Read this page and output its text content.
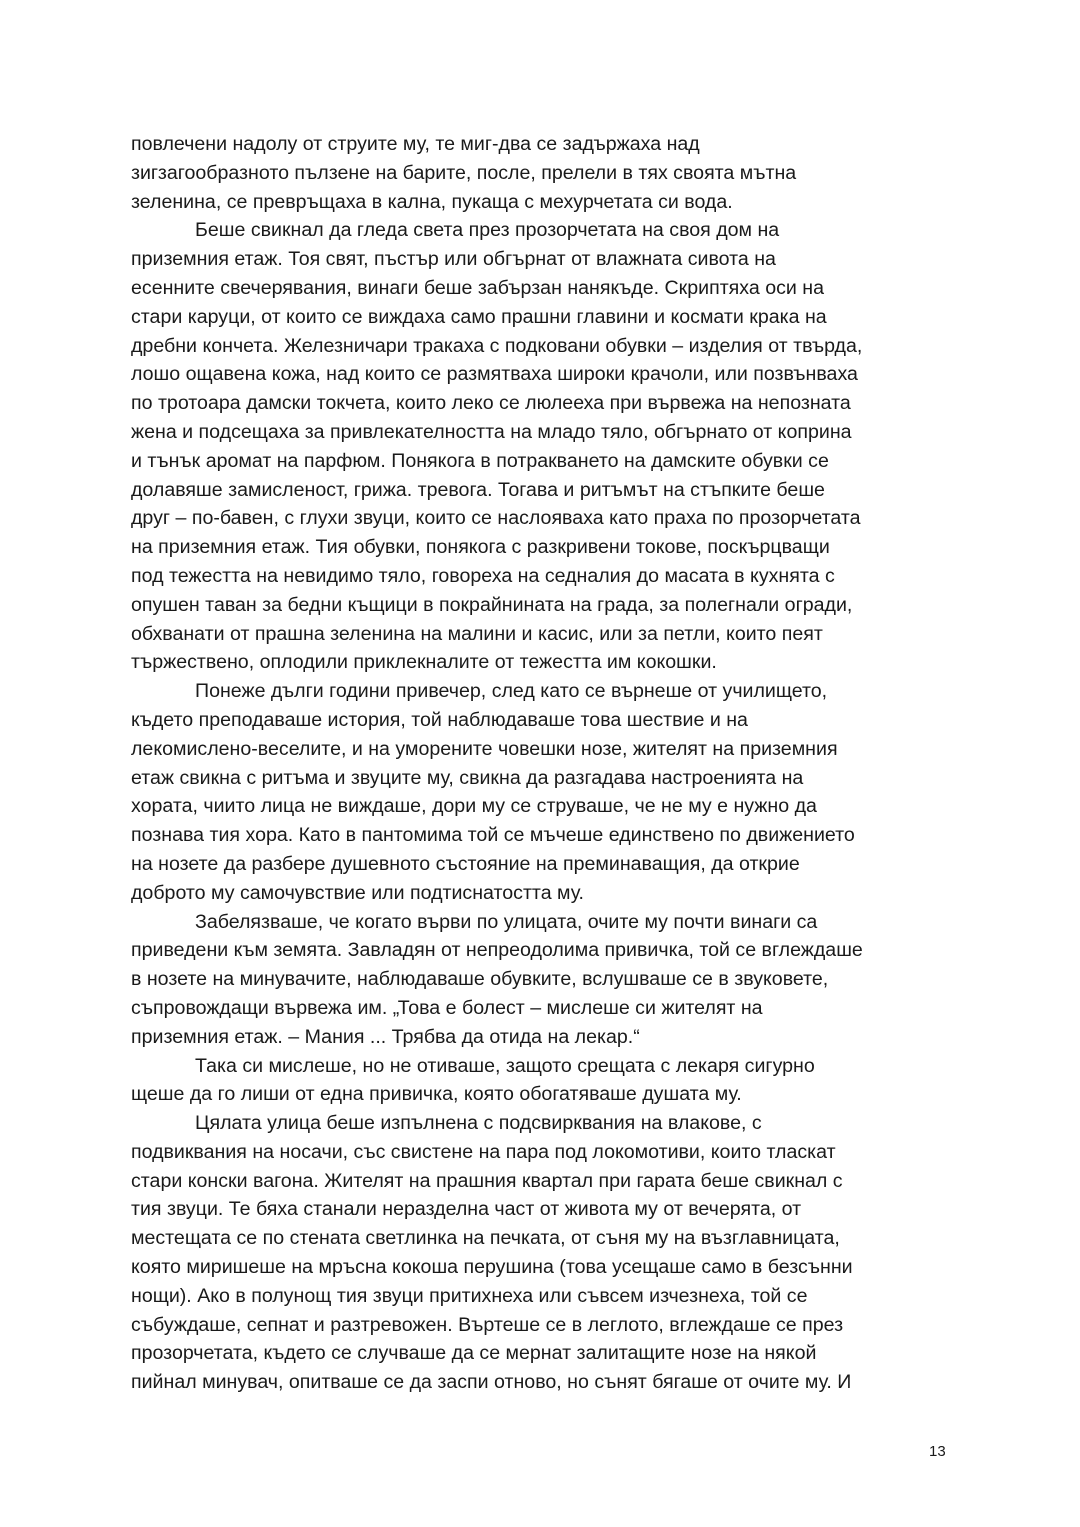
повлечени надолу от струите му, те миг-два се задържаха над
зигзагообразното пълзене на барите, после, прелели в тях своята мътна
зеленина, се превръщаха в кална, пукаща с мехурчетата си вода.
Беше свикнал да гледа света през прозорчетата на своя дом на
приземния етаж. Тоя свят, пъстър или обгърнат от влажната сивота на
есенните свечерявания, винаги беше забързан нанякъде. Скриптяха оси на
стари каруци, от които се виждаха само прашни главини и космати крака на
дребни кончета. Железничари тракаха с подковани обувки – изделия от твърда,
лошо ощавена кожа, над които се размятваха широки крачоли, или позвънваха
по тротоара дамски токчета, които леко се люлееха при вървежа на непозната
жена и подсещаха за привлекателността на младо тяло, обгърнато от коприна
и тънък аромат на парфюм. Понякога в потракването на дамските обувки се
долавяше замисленост, грижа. тревога. Тогава и ритъмът на стъпките беше
друг – по-бавен, с глухи звуци, които се наслояваха като праха по прозорчетата
на приземния етаж. Тия обувки, понякога с разкривени токове, поскърцващи
под тежестта на невидимо тяло, говореха на седналия до масата в кухнята с
опушен таван за бедни къщици в покрайнината на града, за полегнали огради,
обхванати от прашна зеленина на малини и касис, или за петли, които пеят
тържествено, оплодили приклекналите от тежестта им кокошки.
Понеже дълги години привечер, след като се върнеше от училището,
където преподаваше история, той наблюдаваше това шествие и на
лекомислено-веселите, и на уморените човешки нозе, жителят на приземния
етаж свикна с ритъма и звуците му, свикна да разгадава настроенията на
хората, чиито лица не виждаше, дори му се струваше, че не му е нужно да
познава тия хора. Като в пантомима той се мъчеше единствено по движението
на нозете да разбере душевното състояние на преминаващия, да открие
доброто му самочувствие или подтиснатостта му.
Забелязваше, че когато върви по улицата, очите му почти винаги са
приведени към земята. Завладян от непреодолима привичка, той се вглеждаше
в нозете на минувачите, наблюдаваше обувките, вслушваше се в звуковете,
съпровождащи вървежа им. „Това е болест – мислеше си жителят на
приземния етаж. – Мания ... Трябва да отида на лекар.“
Така си мислеше, но не отиваше, защото срещата с лекаря сигурно
щеше да го лиши от една привичка, която обогатяваше душата му.
Цялата улица беше изпълнена с подсвирквания на влакове, с
подвиквания на носачи, със свистене на пара под локомотиви, които тласкат
стари конски вагона. Жителят на прашния квартал при гарата беше свикнал с
тия звуци. Те бяха станали неразделна част от живота му от вечерята, от
местещата се по стената светлинка на печката, от съня му на възглавницата,
която миришеше на мръсна кокоша перушина (това усещаше само в безсънни
нощи). Ако в полунощ тия звуци притихнеха или съвсем изчезнеха, той се
събуждаше, сепнат и разтревожен. Въртеше се в леглото, вглеждаше се през
прозорчетата, където се случваше да се мернат залитащите нозе на някой
пийнал минувач, опитваше се да заспи отново, но сънят бягаше от очите му. И
13
